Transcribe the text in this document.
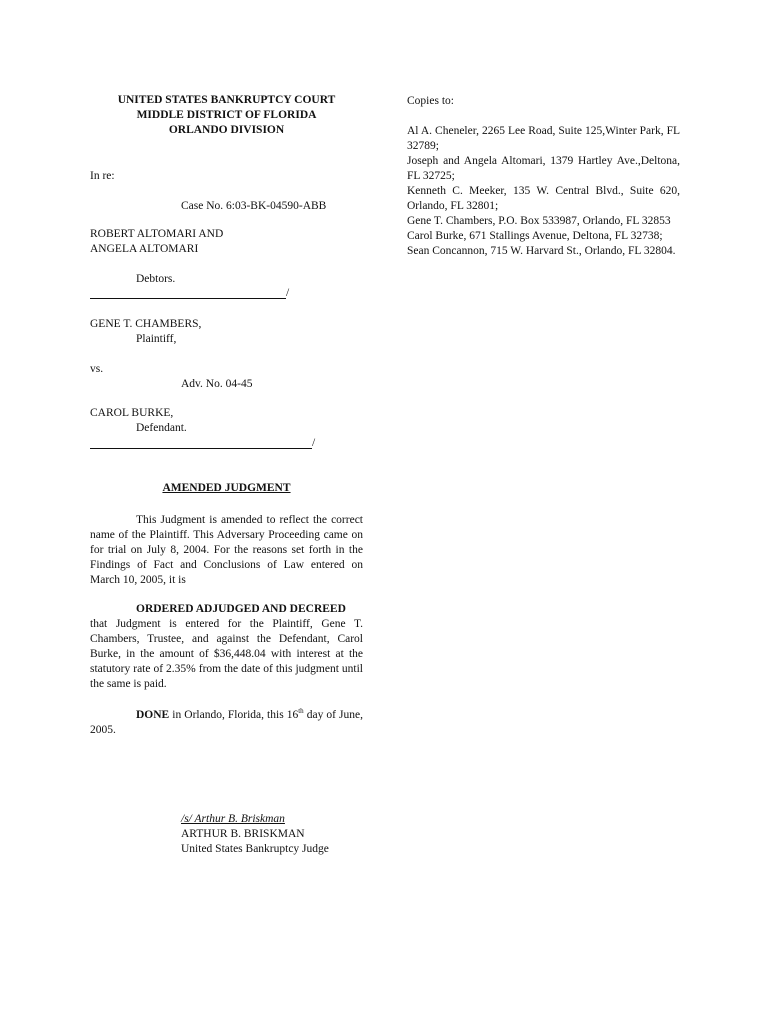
UNITED STATES BANKRUPTCY COURT
MIDDLE DISTRICT OF FLORIDA
ORLANDO DIVISION
In re:
Case No. 6:03-BK-04590-ABB
ROBERT ALTOMARI AND
ANGELA ALTOMARI
Debtors.
/
GENE T. CHAMBERS,
Plaintiff,
vs.
Adv. No. 04-45
CAROL BURKE,
Defendant.
/
AMENDED JUDGMENT
This Judgment is amended to reflect the correct name of the Plaintiff. This Adversary Proceeding came on for trial on July 8, 2004. For the reasons set forth in the Findings of Fact and Conclusions of Law entered on March 10, 2005, it is
ORDERED ADJUDGED AND DECREED
that Judgment is entered for the Plaintiff, Gene T. Chambers, Trustee, and against the Defendant, Carol Burke, in the amount of $36,448.04 with interest at the statutory rate of 2.35% from the date of this judgment until the same is paid.
DONE in Orlando, Florida, this 16th day of June, 2005.
/s/ Arthur B. Briskman
ARTHUR B. BRISKMAN
United States Bankruptcy Judge
Copies to:
Al A. Cheneler, 2265 Lee Road, Suite 125,Winter Park, FL 32789;
Joseph and Angela Altomari, 1379 Hartley Ave.,Deltona, FL 32725;
Kenneth C. Meeker, 135 W. Central Blvd., Suite 620, Orlando, FL 32801;
Gene T. Chambers, P.O. Box 533987, Orlando, FL 32853
Carol Burke, 671 Stallings Avenue, Deltona, FL 32738;
Sean Concannon, 715 W. Harvard St., Orlando, FL 32804.
